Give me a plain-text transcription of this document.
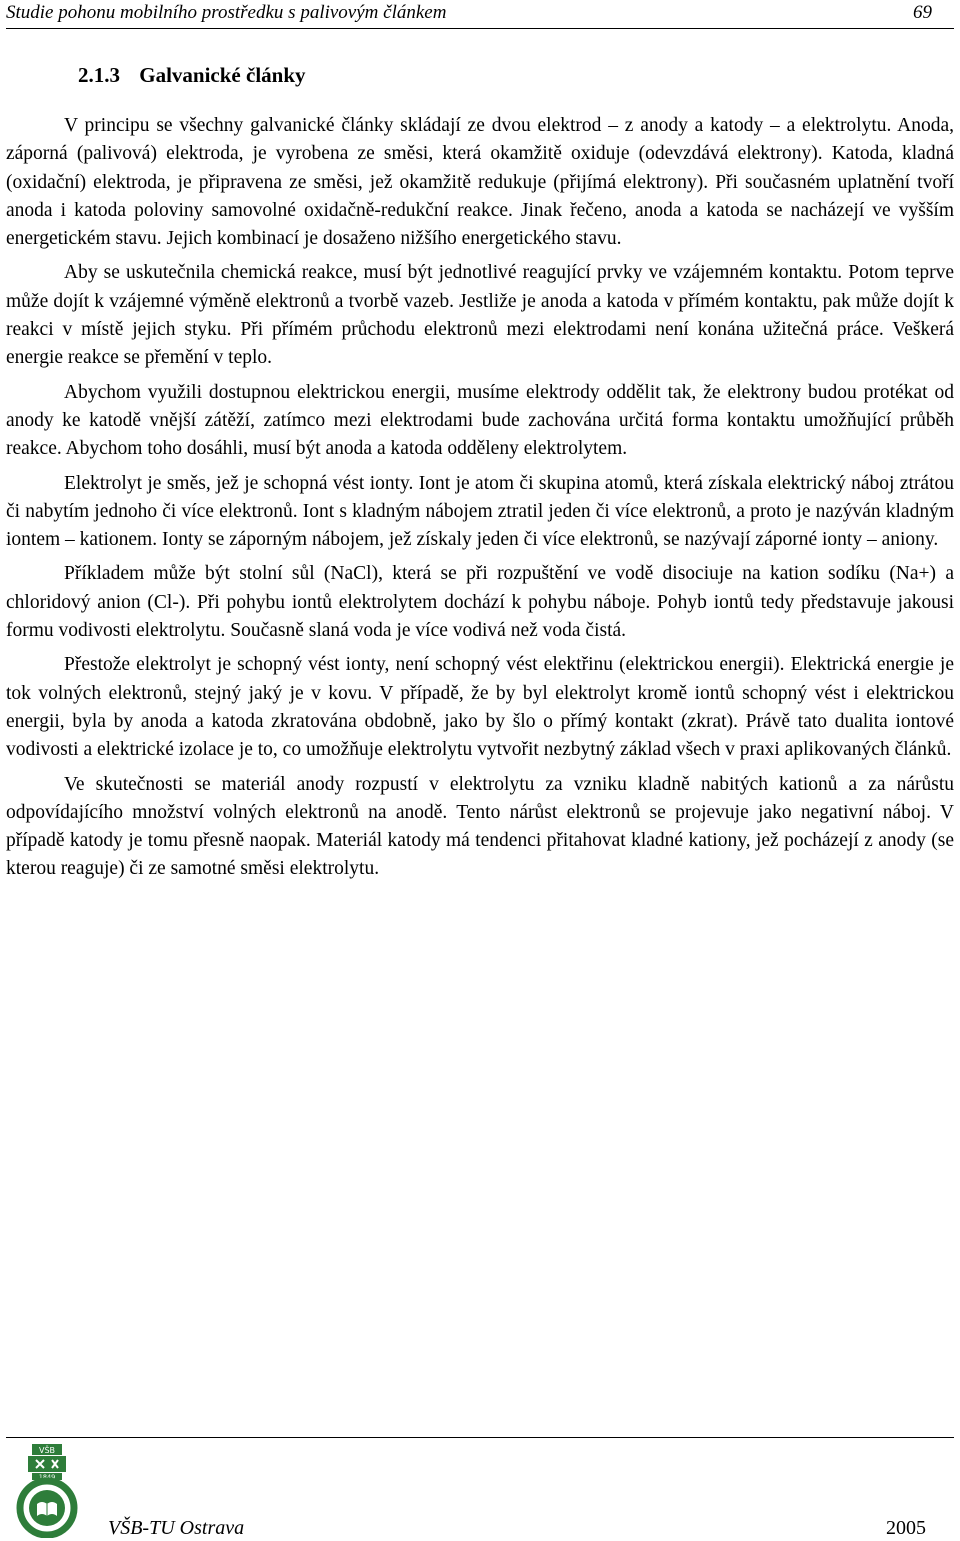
Studie pohonu mobilního prostředku s palivovým článkem	69
2.1.3 Galvanické články

V principu se všechny galvanické články skládají ze dvou elektrod – z anody a katody – a elektrolytu. Anoda, záporná (palivová) elektroda, je vyrobena ze směsi, která okamžitě oxiduje (odevzdává elektrony). Katoda, kladná (oxidační) elektroda, je připravena ze směsi, jež okamžitě redukuje (přijímá elektrony). Při současném uplatnění tvoří anoda i katoda poloviny samovolné oxidačně-redukční reakce. Jinak řečeno, anoda a katoda se nacházejí ve vyšším energetickém stavu. Jejich kombinací je dosaženo nižšího energetického stavu.

Aby se uskutečnila chemická reakce, musí být jednotlivé reagující prvky ve vzájemném kontaktu. Potom teprve může dojít k vzájemné výměně elektronů a tvorbě vazeb. Jestliže je anoda a katoda v přímém kontaktu, pak může dojít k reakci v místě jejich styku. Při přímém průchodu elektronů mezi elektrodami není konána užitečná práce. Veškerá energie reakce se přemění v teplo.

Abychom využili dostupnou elektrickou energii, musíme elektrody oddělit tak, že elektrony budou protékat od anody ke katodě vnější zátěží, zatímco mezi elektrodami bude zachována určitá forma kontaktu umožňující průběh reakce. Abychom toho dosáhli, musí být anoda a katoda odděleny elektrolytem.

Elektrolyt je směs, jež je schopná vést ionty. Iont je atom či skupina atomů, která získala elektrický náboj ztrátou či nabytím jednoho či více elektronů. Iont s kladným nábojem ztratil jeden či více elektronů, a proto je nazýván kladným iontem – kationem. Ionty se záporným nábojem, jež získaly jeden či více elektronů, se nazývají záporné ionty – aniony.

Příkladem může být stolní sůl (NaCl), která se při rozpuštění ve vodě disociuje na kation sodíku (Na+) a chloridový anion (Cl-). Při pohybu iontů elektrolytem dochází k pohybu náboje. Pohyb iontů tedy představuje jakousi formu vodivosti elektrolytu. Současně slaná voda je více vodivá než voda čistá.

Přestože elektrolyt je schopný vést ionty, není schopný vést elektřinu (elektrickou energii). Elektrická energie je tok volných elektronů, stejný jaký je v kovu. V případě, že by byl elektrolyt kromě iontů schopný vést i elektrickou energii, byla by anoda a katoda zkratována obdobně, jako by šlo o přímý kontakt (zkrat). Právě tato dualita iontové vodivosti a elektrické izolace je to, co umožňuje elektrolytu vytvořit nezbytný základ všech v praxi aplikovaných článků.

Ve skutečnosti se materiál anody rozpustí v elektrolytu za vzniku kladně nabitých kationů a za nárůstu odpovídajícího množství volných elektronů na anodě. Tento nárůst elektronů se projevuje jako negativní náboj. V případě katody je tomu přesně naopak. Materiál katody má tendenci přitahovat kladné kationy, jež pocházejí z anody (se kterou reaguje) či ze samotné směsi elektrolytu.

VŠB
1849
VŠB-TU Ostrava	2005
